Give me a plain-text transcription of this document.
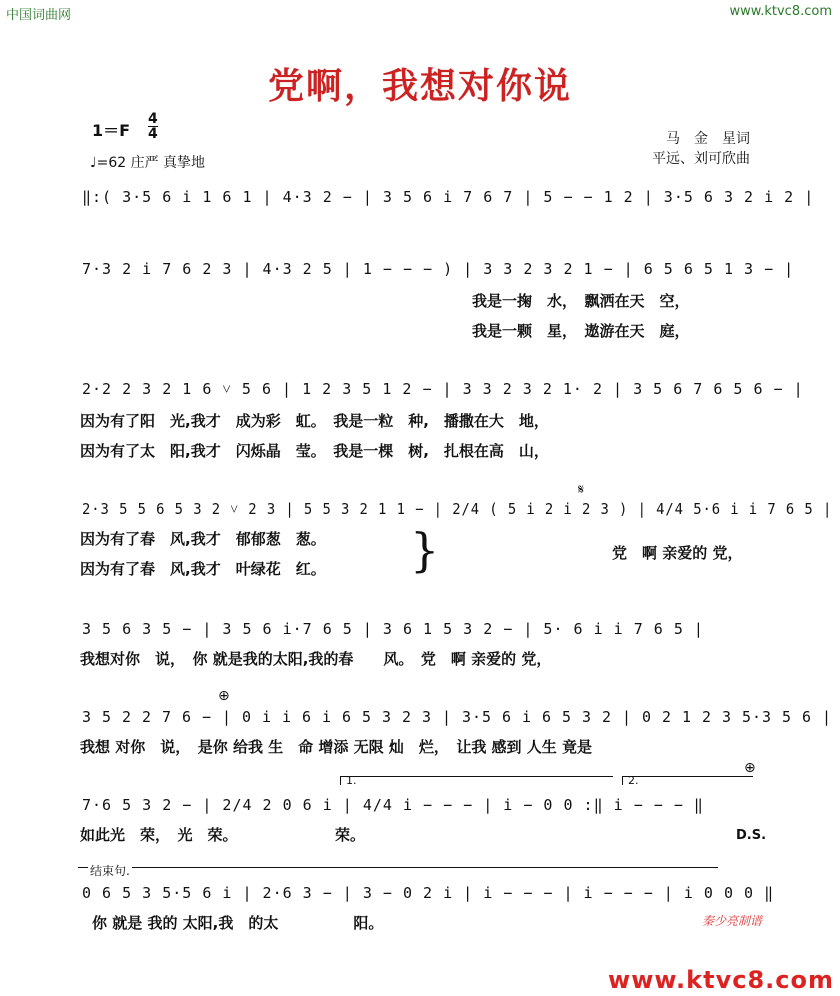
中国词曲网	www.ktvc8.com
党啊，我想对你说
1＝F
4
4
♩=62 庄严 真挚地
马　金　星词
平远、刘可欣曲
‖:( 3·5 6 i 1 6 1 | 4·3 2 − | 3 5 6 i 7 6 7 | 5 − − 1 2 | 3·5 6 3 2 i 2 |
7·3 2 i 7 6 2 3 | 4·3 2 5 | 1 − − − ) | 3 3 2 3 2 1 − | 6 5 6 5 1 3 − |
我是一掬　水，　飘洒在天　空，
我是一颗　星，　遨游在天　庭，
2·2 2 3 2 1 6 ˅ 5 6 | 1 2 3 5 1 2 − | 3 3 2 3 2 1· 2 | 3 5 6 7 6 5 6 − |
因为有了阳　光,我才　成为彩　虹。　我是一粒　种,　播撒在大　地，
因为有了太　阳,我才　闪烁晶　莹。　我是一棵　树,　扎根在高　山，
𝄋
2·3 5 5 6 5 3 2 ˅ 2 3 | 5 5 3 2 1 1 − | 2/4 ( 5 i 2 i 2 3 ) | 4/4 5·6 i i 7 6 5 |
因为有了春　风,我才　郁郁葱　葱。
因为有了春　风,我才　叶绿花　红。 }	党　啊 亲爱的 党，
3 5 6 3 5 − | 3 5 6 i·7 6 5 | 3 6 1 5 3 2 − | 5· 6 i i 7 6 5 |
我想对你　说，　你 就是我的太阳,我的春　　风。　党　啊 亲爱的 党，
⊕
3 5 2 2 7 6 − | 0 i i 6 i 6 5 3 2 3 | 3·5 6 i 6 5 3 2 | 0 2 1 2 3 5·3 5 6 |
我想 对你　说，　是你 给我 生　命 增添 无限 灿　烂，　让我 感到 人生 竟是
1.	2.
⊕
7·6 5 3 2 − | 2/4 2 0 6 i | 4/4 i − − − | i − 0 0 :‖ i − − − ‖
如此光　荣，　光　荣。　　　　　　　荣。	D.S.
结束句.
0 6 5 3 5·5 6 i | 2·6 3 − | 3 − 0 2 i | i − − − | i − − − | i 0 0 0 ‖
你 就是 我的 太阳,我　的太　　　　　阳。	秦少亮制谱
www.ktvc8.com
